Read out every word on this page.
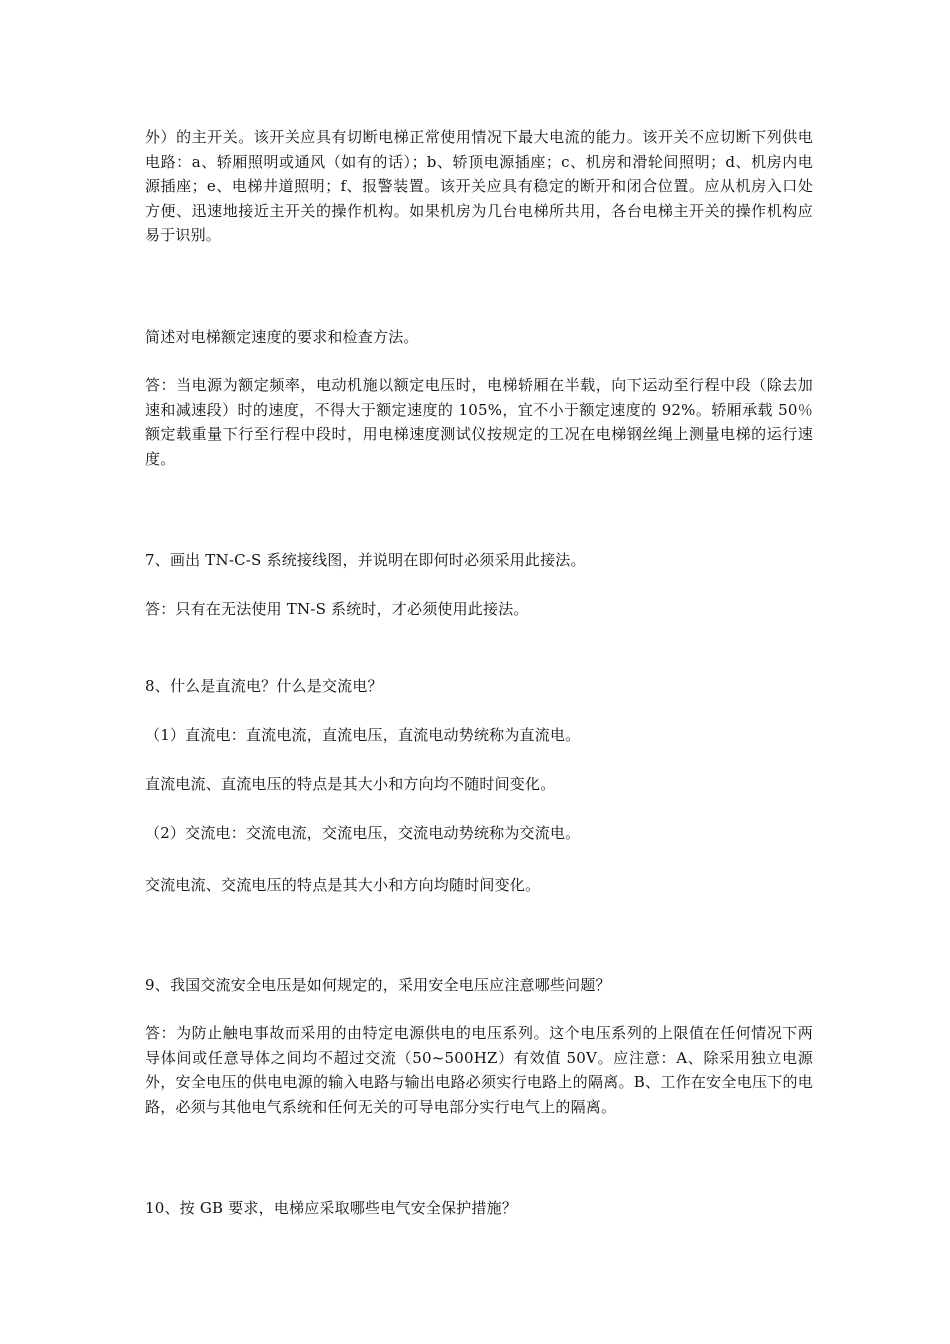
外）的主开关。该开关应具有切断电梯正常使用情况下最大电流的能力。该开关不应切断下列供电电路：a、轿厢照明或通风（如有的话）；b、轿顶电源插座；c、机房和滑轮间照明；d、机房内电源插座；e、电梯井道照明；f、报警装置。该开关应具有稳定的断开和闭合位置。应从机房入口处方便、迅速地接近主开关的操作机构。如果机房为几台电梯所共用，各台电梯主开关的操作机构应易于识别。

简述对电梯额定速度的要求和检查方法。

答：当电源为额定频率，电动机施以额定电压时，电梯轿厢在半载，向下运动至行程中段（除去加速和减速段）时的速度，不得大于额定速度的 105%，宜不小于额定速度的 92%。轿厢承载 50％额定载重量下行至行程中段时，用电梯速度测试仪按规定的工况在电梯钢丝绳上测量电梯的运行速度。

7、画出 TN-C-S 系统接线图，并说明在即何时必须采用此接法。

答：只有在无法使用 TN-S 系统时，才必须使用此接法。

8、什么是直流电？什么是交流电？

（1）直流电：直流电流，直流电压，直流电动势统称为直流电。

直流电流、直流电压的特点是其大小和方向均不随时间变化。

（2）交流电：交流电流，交流电压，交流电动势统称为交流电。

交流电流、交流电压的特点是其大小和方向均随时间变化。

9、我国交流安全电压是如何规定的，采用安全电压应注意哪些问题？

答：为防止触电事故而采用的由特定电源供电的电压系列。这个电压系列的上限值在任何情况下两导体间或任意导体之间均不超过交流（50~500HZ）有效值 50V。应注意：A、除采用独立电源外，安全电压的供电电源的输入电路与输出电路必须实行电路上的隔离。B、工作在安全电压下的电路，必须与其他电气系统和任何无关的可导电部分实行电气上的隔离。

10、按 GB 要求，电梯应采取哪些电气安全保护措施？
